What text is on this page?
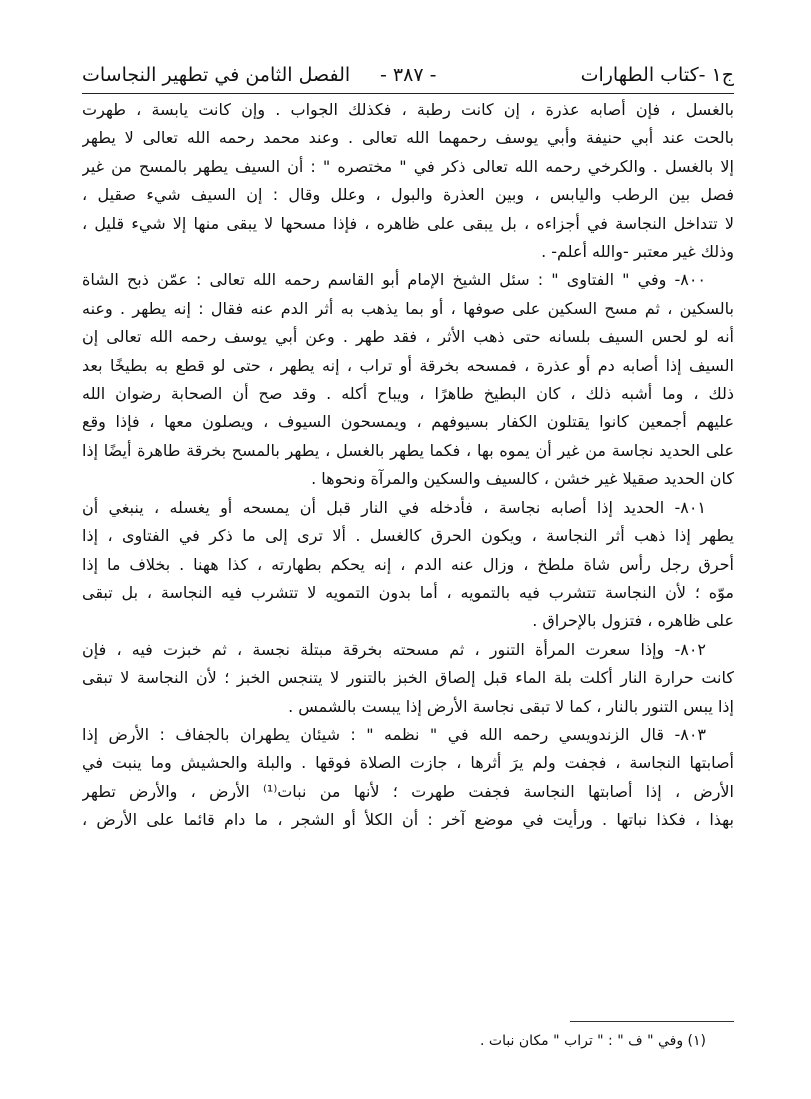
ج١ -كتاب الطهارات
- ٣٨٧ -
الفصل الثامن في تطهير النجاسات

بالغسل ، فإن أصابه عذرة ، إن كانت رطبة ، فكذلك الجواب . وإن كانت يابسة ، طهرت
بالحت عند أبي حنيفة وأبي يوسف رحمهما الله تعالى . وعند محمد رحمه الله تعالى لا يطهر
إلا بالغسل . والكرخي رحمه الله تعالى ذكر في " مختصره " : أن السيف يطهر بالمسح من غير
فصل بين الرطب واليابس ، وبين العذرة والبول ، وعلل وقال : إن السيف شيء صقيل ،
لا تتداخل النجاسة في أجزاءه ، بل يبقى على ظاهره ، فإذا مسحها لا يبقى منها إلا شيء قليل ،
وذلك غير معتبر -والله أعلم- .

٨٠٠- وفي " الفتاوى " : سئل الشيخ الإمام أبو القاسم رحمه الله تعالى : عمّن ذبح الشاة
بالسكين ، ثم مسح السكين على صوفها ، أو بما يذهب به أثر الدم عنه فقال : إنه يطهر . وعنه
أنه لو لحس السيف بلسانه حتى ذهب الأثر ، فقد طهر . وعن أبي يوسف رحمه الله تعالى إن
السيف إذا أصابه دم أو عذرة ، فمسحه بخرقة أو تراب ، إنه يطهر ، حتى لو قطع به بطيخًا بعد
ذلك ، وما أشبه ذلك ، كان البطيخ طاهرًا ، ويباح أكله . وقد صح أن الصحابة رضوان الله
عليهم أجمعين كانوا يقتلون الكفار بسيوفهم ، ويمسحون السيوف ، ويصلون معها ، فإذا وقع
على الحديد نجاسة من غير أن يموه بها ، فكما يطهر بالغسل ، يطهر بالمسح بخرقة طاهرة أيضًا إذا
كان الحديد صقيلا غير خشن ، كالسيف والسكين والمرآة ونحوها .

٨٠١- الحديد إذا أصابه نجاسة ، فأدخله في النار قبل أن يمسحه أو يغسله ، ينبغي أن
يطهر إذا ذهب أثر النجاسة ، ويكون الحرق كالغسل . ألا ترى إلى ما ذكر في الفتاوى ، إذا
أحرق رجل رأس شاة ملطخ ، وزال عنه الدم ، إنه يحكم بطهارته ، كذا ههنا . بخلاف ما إذا
موّه ؛ لأن النجاسة تتشرب فيه بالتمويه ، أما بدون التمويه لا تتشرب فيه النجاسة ، بل تبقى
على ظاهره ، فتزول بالإحراق .

٨٠٢- وإذا سعرت المرأة التنور ، ثم مسحته بخرقة مبتلة نجسة ، ثم خبزت فيه ، فإن
كانت حرارة النار أكلت بلة الماء قبل إلصاق الخبز بالتنور لا يتنجس الخبز ؛ لأن النجاسة لا تبقى
إذا يبس التنور بالنار ، كما لا تبقى نجاسة الأرض إذا يبست بالشمس .

٨٠٣- قال الزندويسي رحمه الله في " نظمه " : شيئان يطهران بالجفاف : الأرض إذا
أصابتها النجاسة ، فجفت ولم يرَ أثرها ، جازت الصلاة فوقها . والبلة والحشيش وما ينبت في
الأرض ، إذا أصابتها النجاسة فجفت طهرت ؛ لأنها من نبات⁽¹⁾ الأرض ، والأرض تطهر
بهذا ، فكذا نباتها . ورأيت في موضع آخر : أن الكلأ أو الشجر ، ما دام قائما على الأرض ،

(١) وفي " ف " : " تراب " مكان نبات .
